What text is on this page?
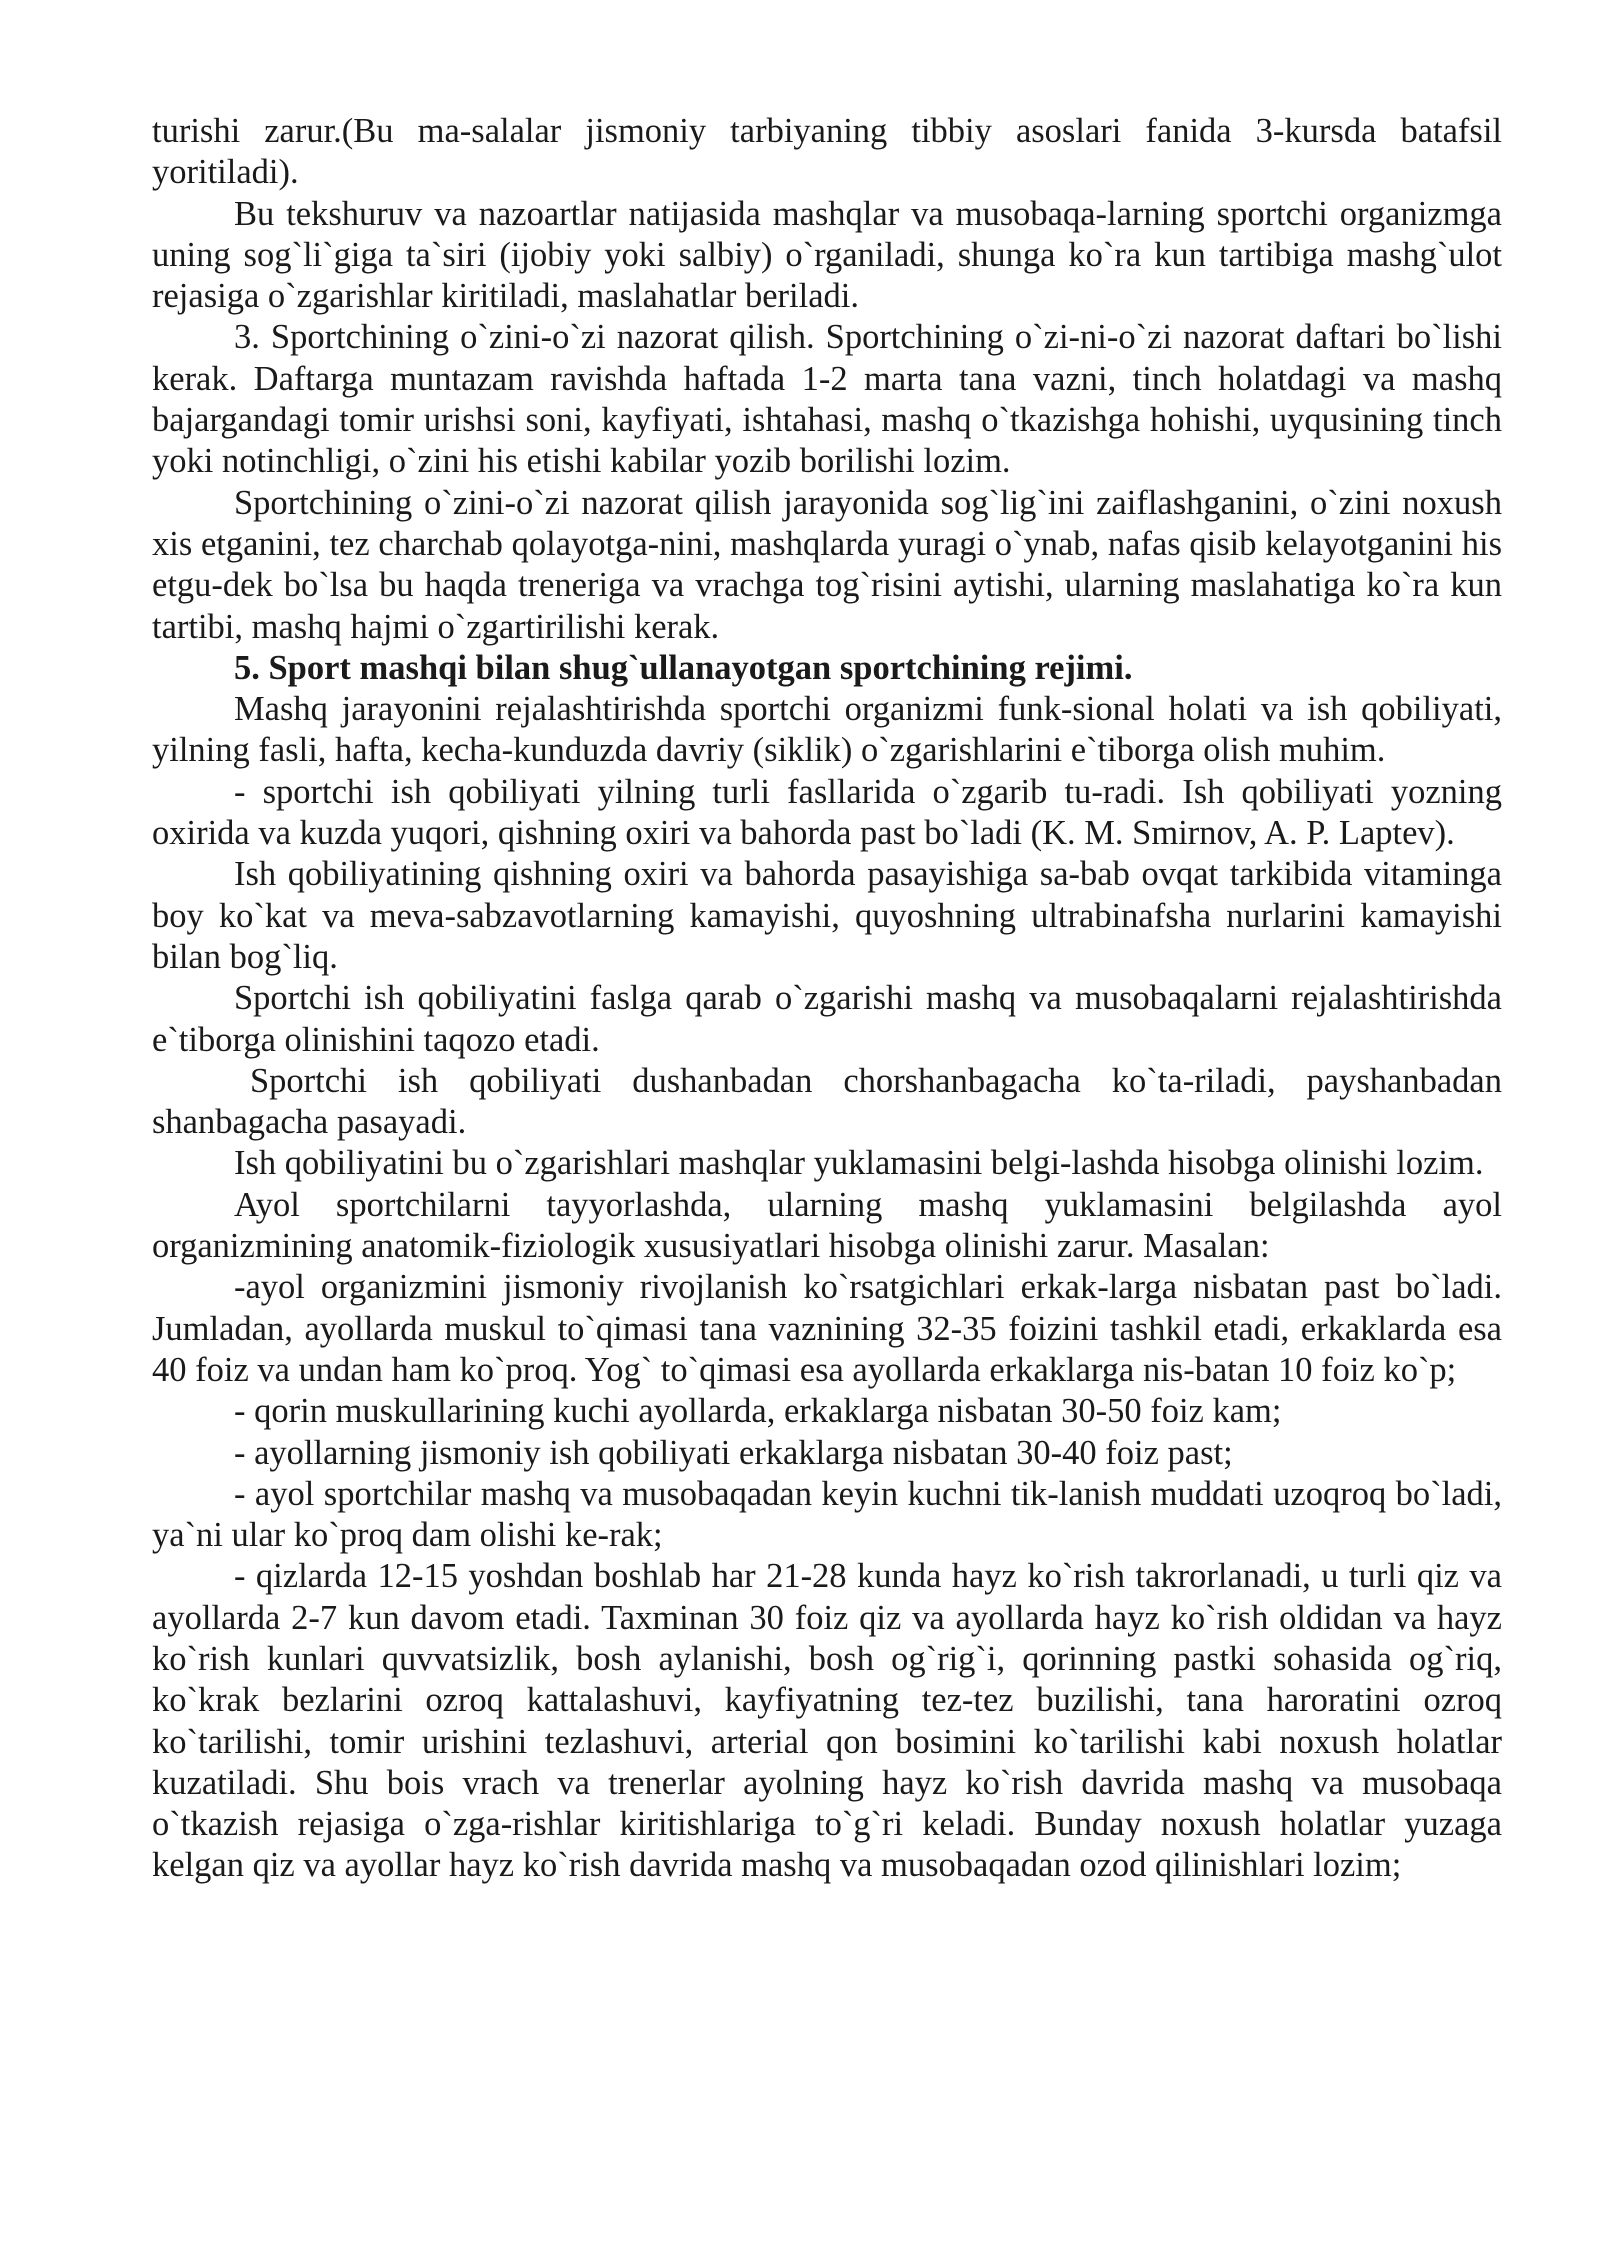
turishi zarur.(Bu ma-salalar jismoniy tarbiyaning tibbiy asoslari fanida 3-kursda batafsil yoritiladi).

Bu tekshuruv va nazoartlar natijasida mashqlar va musobaqa-larning sportchi organizmga uning sog`li`giga ta`siri (ijobiy yoki salbiy) o`rganiladi, shunga ko`ra kun tartibiga mashg`ulot rejasiga o`zgarishlar kiritiladi, maslahatlar beriladi.

3. Sportchining o`zini-o`zi nazorat qilish. Sportchining o`zi-ni-o`zi nazorat daftari bo`lishi kerak. Daftarga muntazam ravishda haftada 1-2 marta tana vazni, tinch holatdagi va mashq bajargandagi tomir urishsi soni, kayfiyati, ishtahasi, mashq o`tkazishga hohishi, uyqusining tinch yoki notinchligi, o`zini his etishi kabilar yozib borilishi lozim.

Sportchining o`zini-o`zi nazorat qilish jarayonida sog`lig`ini zaiflashganini, o`zini noxush xis etganini, tez charchab qolayotga-nini, mashqlarda yuragi o`ynab, nafas qisib kelayotganini his etgu-dek bo`lsa bu haqda treneriga va vrachga tog`risini aytishi, ularning maslahatiga ko`ra kun tartibi, mashq hajmi o`zgartirilishi kerak.

5. Sport mashqi bilan shug`ullanayotgan sportchining rejimi.

Mashq jarayonini rejalashtirishda sportchi organizmi funk-sional holati va ish qobiliyati, yilning fasli, hafta, kecha-kunduzda davriy (siklik) o`zgarishlarini e`tiborga olish muhim.

- sportchi ish qobiliyati yilning turli fasllarida o`zgarib tu-radi. Ish qobiliyati yozning oxirida va kuzda yuqori, qishning oxiri va bahorda past bo`ladi (K. M. Smirnov, A. P. Laptev).

Ish qobiliyatining qishning oxiri va bahorda pasayishiga sa-bab ovqat tarkibida vitaminga boy ko`kat va meva-sabzavotlarning kamayishi, quyoshning ultrabinafsha nurlarini kamayishi bilan bog`liq.

Sportchi ish qobiliyatini faslga qarab o`zgarishi mashq va musobaqalarni rejalashtirishda e`tiborga olinishini taqozo etadi.

Sportchi ish qobiliyati dushanbadan chorshanbagacha ko`ta-riladi, payshanbadan shanbagacha pasayadi.

Ish qobiliyatini bu o`zgarishlari mashqlar yuklamasini belgi-lashda hisobga olinishi lozim.

Ayol sportchilarni tayyorlashda, ularning mashq yuklamasini belgilashda ayol organizmining anatomik-fiziologik xususiyatlari hisobga olinishi zarur. Masalan:

-ayol organizmini jismoniy rivojlanish ko`rsatgichlari erkak-larga nisbatan past bo`ladi. Jumladan, ayollarda muskul to`qimasi tana vaznining 32-35 foizini tashkil etadi, erkaklarda esa 40 foiz va undan ham ko`proq. Yog` to`qimasi esa ayollarda erkaklarga nis-batan 10 foiz ko`p;

- qorin muskullarining kuchi ayollarda, erkaklarga nisbatan 30-50 foiz kam;

- ayollarning jismoniy ish qobiliyati erkaklarga nisbatan 30-40 foiz past;

- ayol sportchilar mashq va musobaqadan keyin kuchni tik-lanish muddati uzoqroq bo`ladi, ya`ni ular ko`proq dam olishi ke-rak;

- qizlarda 12-15 yoshdan boshlab har 21-28 kunda hayz ko`rish takrorlanadi, u turli qiz va ayollarda 2-7 kun davom etadi. Taxminan 30 foiz qiz va ayollarda hayz ko`rish oldidan va hayz ko`rish kunlari quvvatsizlik, bosh aylanishi, bosh og`rig`i, qorinning pastki sohasida og`riq, ko`krak bezlarini ozroq kattalashuvi, kayfiyatning tez-tez buzilishi, tana haroratini ozroq ko`tarilishi, tomir urishini tezlashuvi, arterial qon bosimini ko`tarilishi kabi noxush holatlar kuzatiladi. Shu bois vrach va trenerlar ayolning hayz ko`rish davrida mashq va musobaqa o`tkazish rejasiga o`zga-rishlar kiritishlariga to`g`ri keladi. Bunday noxush holatlar yuzaga kelgan qiz va ayollar hayz ko`rish davrida mashq va musobaqadan ozod qilinishlari lozim;
